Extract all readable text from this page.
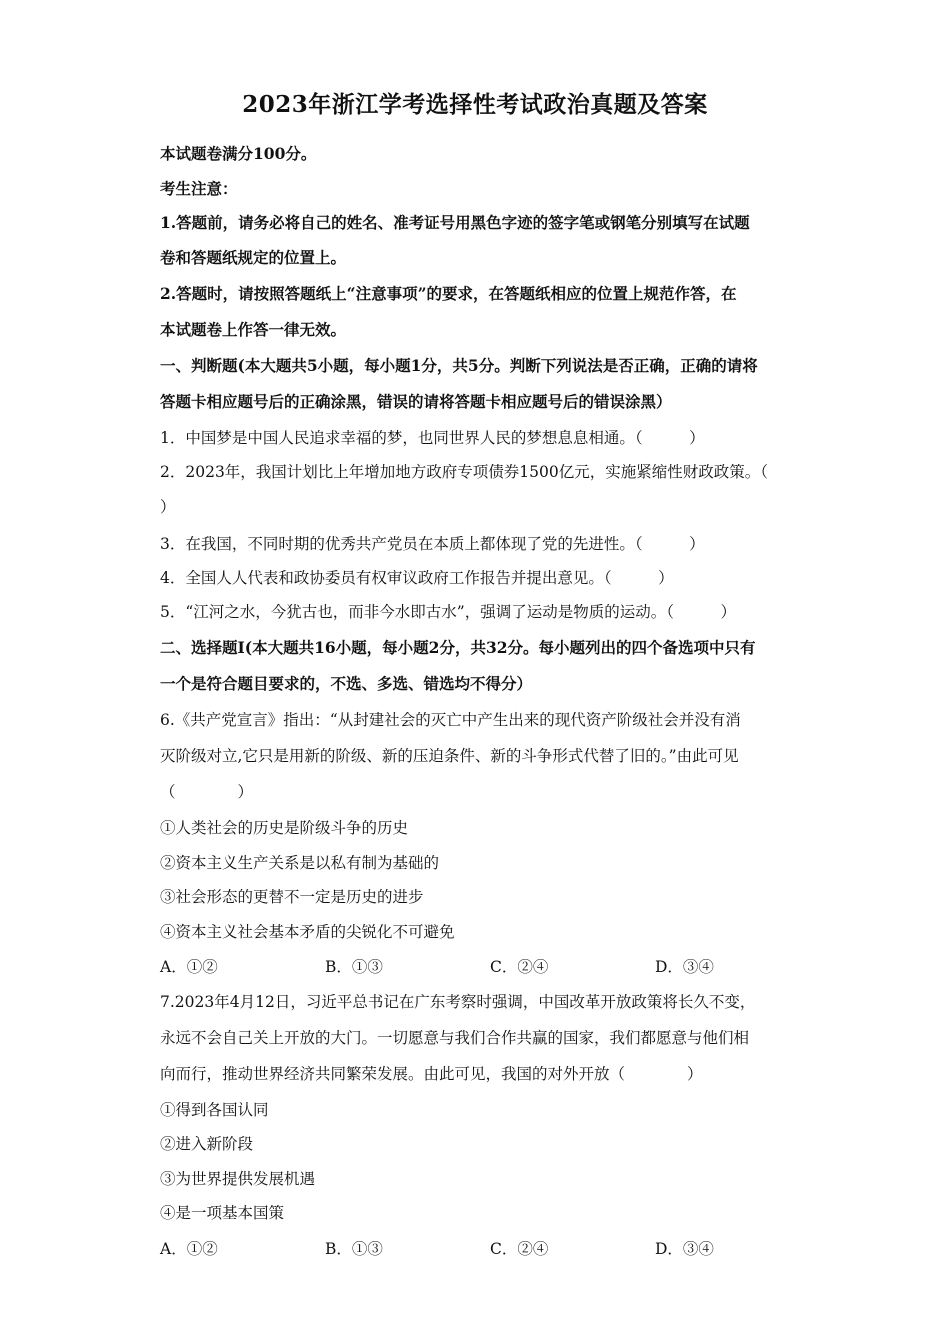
2023年浙江学考选择性考试政治真题及答案
本试题卷满分100分。
考生注意：
1.答题前，请务必将自己的姓名、准考证号用黑色字迹的签字笔或钢笔分别填写在试题
卷和答题纸规定的位置上。
2.答题时，请按照答题纸上“注意事项”的要求，在答题纸相应的位置上规范作答，在
本试题卷上作答一律无效。
一、判断题(本大题共5小题，每小题1分，共5分。判断下列说法是否正确，正确的请将
答题卡相应题号后的正确涂黑，错误的请将答题卡相应题号后的错误涂黑）
1．中国梦是中国人民追求幸福的梦，也同世界人民的梦想息息相通。（　　　）
2．2023年，我国计划比上年增加地方政府专项债券1500亿元，实施紧缩性财政政策。（
）
3．在我国，不同时期的优秀共产党员在本质上都体现了党的先进性。（　　　）
4．全国人人代表和政协委员有权审议政府工作报告并提出意见。（　　　）
5．“江河之水，今犹古也，而非今水即古水”，强调了运动是物质的运动。（　　　）
二、选择题Ⅰ(本大题共16小题，每小题2分，共32分。每小题列出的四个备选项中只有
一个是符合题目要求的，不选、多选、错选均不得分）
6.《共产党宣言》指出：“从封建社会的灭亡中产生出来的现代资产阶级社会并没有消
灭阶级对立,它只是用新的阶级、新的压迫条件、新的斗争形式代替了旧的。”由此可见
（　　　　）
①人类社会的历史是阶级斗争的历史
②资本主义生产关系是以私有制为基础的
③社会形态的更替不一定是历史的进步
④资本主义社会基本矛盾的尖锐化不可避免
A．①②	B．①③	C．②④	D．③④
7.2023年4月12日，习近平总书记在广东考察时强调，中国改革开放政策将长久不变，
永远不会自己关上开放的大门。一切愿意与我们合作共赢的国家，我们都愿意与他们相
向而行，推动世界经济共同繁荣发展。由此可见，我国的对外开放（　　　　）
①得到各国认同
②进入新阶段
③为世界提供发展机遇
④是一项基本国策
A．①②	B．①③	C．②④	D．③④
